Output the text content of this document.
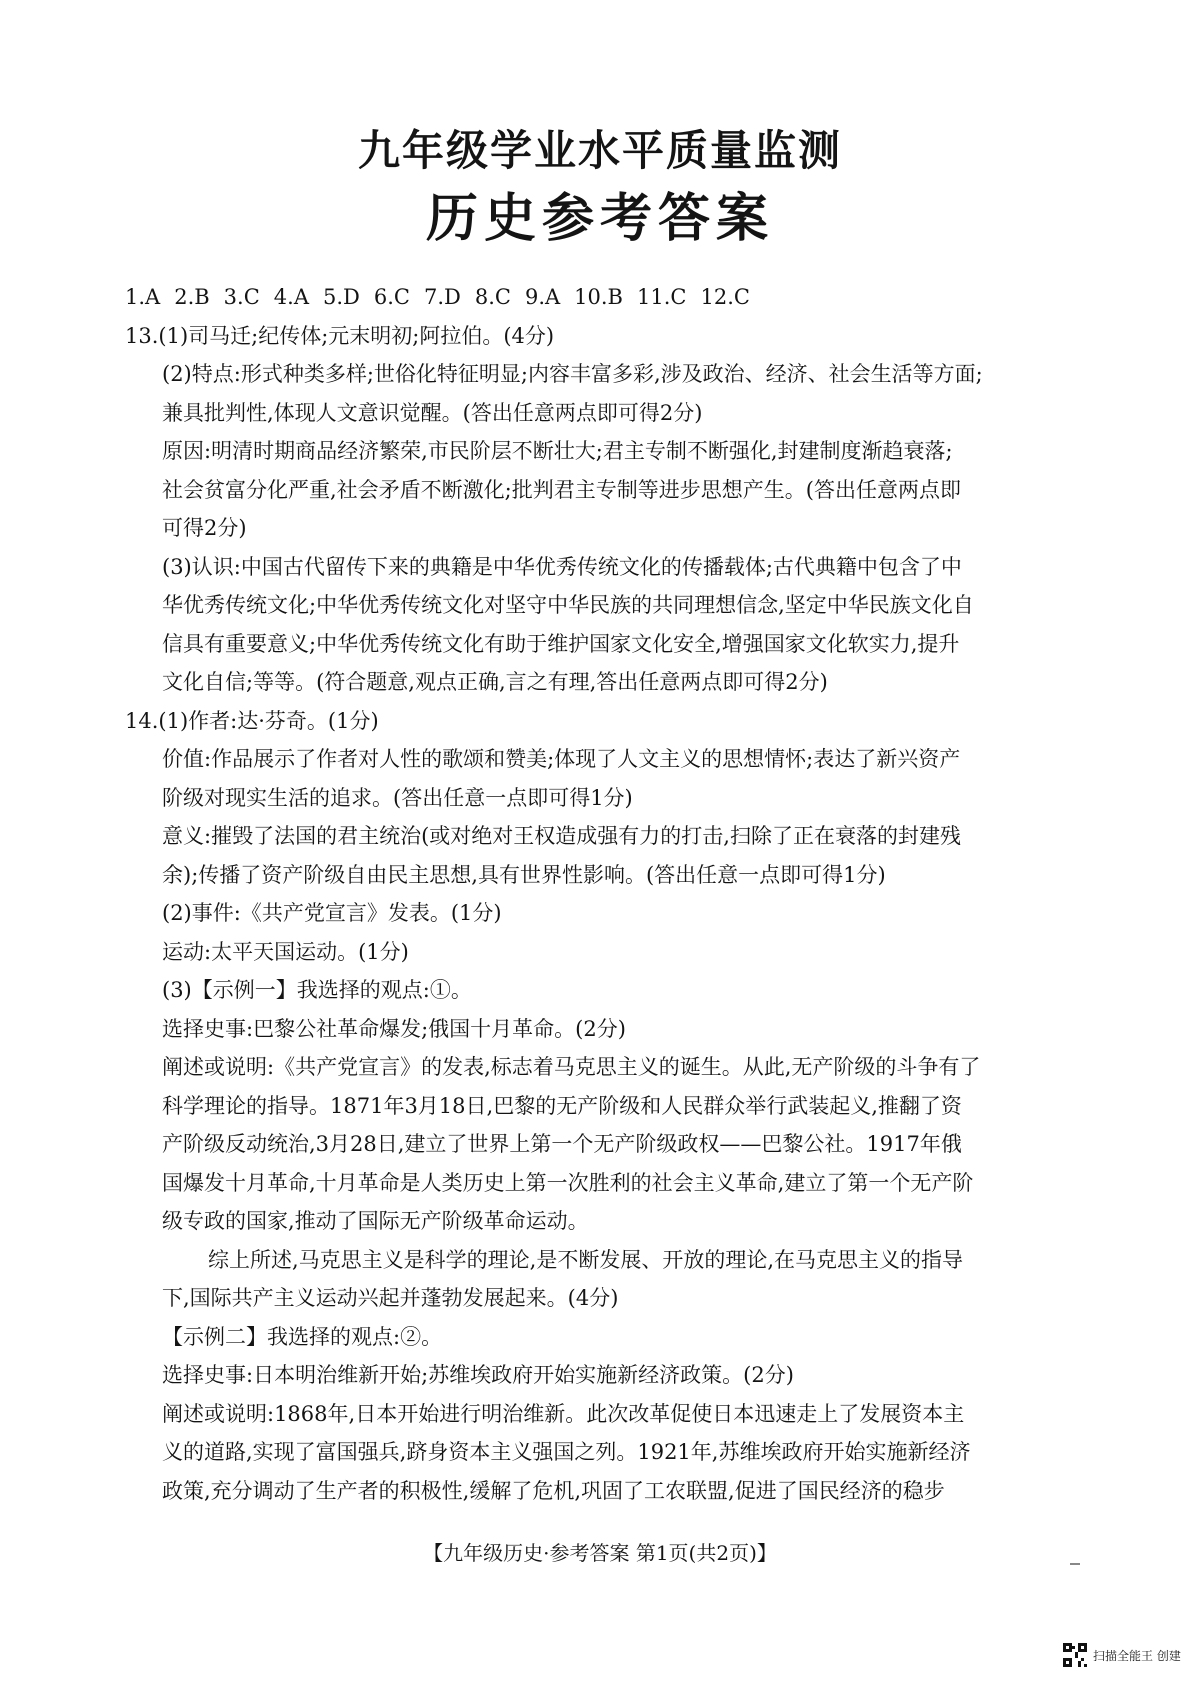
九年级学业水平质量监测
历史参考答案
1.A 2.B 3.C 4.A 5.D 6.C 7.D 8.C 9.A 10.B 11.C 12.C
13.(1)司马迁;纪传体;元末明初;阿拉伯。(4分)
(2)特点:形式种类多样;世俗化特征明显;内容丰富多彩,涉及政治、经济、社会生活等方面;
兼具批判性,体现人文意识觉醒。(答出任意两点即可得2分)
原因:明清时期商品经济繁荣,市民阶层不断壮大;君主专制不断强化,封建制度渐趋衰落;
社会贫富分化严重,社会矛盾不断激化;批判君主专制等进步思想产生。(答出任意两点即
可得2分)
(3)认识:中国古代留传下来的典籍是中华优秀传统文化的传播载体;古代典籍中包含了中
华优秀传统文化;中华优秀传统文化对坚守中华民族的共同理想信念,坚定中华民族文化自
信具有重要意义;中华优秀传统文化有助于维护国家文化安全,增强国家文化软实力,提升
文化自信;等等。(符合题意,观点正确,言之有理,答出任意两点即可得2分)
14.(1)作者:达·芬奇。(1分)
价值:作品展示了作者对人性的歌颂和赞美;体现了人文主义的思想情怀;表达了新兴资产
阶级对现实生活的追求。(答出任意一点即可得1分)
意义:摧毁了法国的君主统治(或对绝对王权造成强有力的打击,扫除了正在衰落的封建残
余);传播了资产阶级自由民主思想,具有世界性影响。(答出任意一点即可得1分)
(2)事件:《共产党宣言》发表。(1分)
运动:太平天国运动。(1分)
(3)【示例一】我选择的观点:①。
选择史事:巴黎公社革命爆发;俄国十月革命。(2分)
阐述或说明:《共产党宣言》的发表,标志着马克思主义的诞生。从此,无产阶级的斗争有了
科学理论的指导。1871年3月18日,巴黎的无产阶级和人民群众举行武装起义,推翻了资
产阶级反动统治,3月28日,建立了世界上第一个无产阶级政权——巴黎公社。1917年俄
国爆发十月革命,十月革命是人类历史上第一次胜利的社会主义革命,建立了第一个无产阶
级专政的国家,推动了国际无产阶级革命运动。
综上所述,马克思主义是科学的理论,是不断发展、开放的理论,在马克思主义的指导
下,国际共产主义运动兴起并蓬勃发展起来。(4分)
【示例二】我选择的观点:②。
选择史事:日本明治维新开始;苏维埃政府开始实施新经济政策。(2分)
阐述或说明:1868年,日本开始进行明治维新。此次改革促使日本迅速走上了发展资本主
义的道路,实现了富国强兵,跻身资本主义强国之列。1921年,苏维埃政府开始实施新经济
政策,充分调动了生产者的积极性,缓解了危机,巩固了工农联盟,促进了国民经济的稳步
【九年级历史·参考答案 第1页(共2页)】
扫描全能王 创建
